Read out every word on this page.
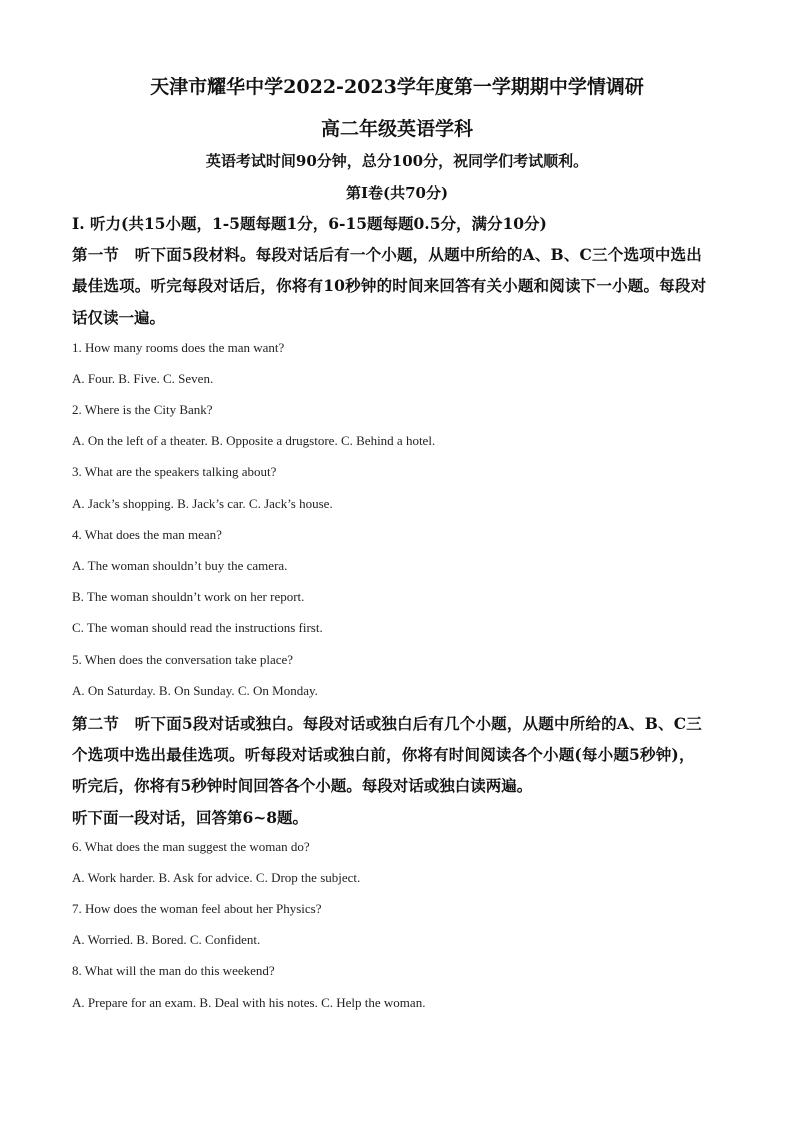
天津市耀华中学2022-2023学年度第一学期期中学情调研
高二年级英语学科
英语考试时间90分钟，总分100分，祝同学们考试顺利。
第Ⅰ卷(共70分)
Ⅰ. 听力(共15小题，1-5题每题1分，6-15题每题0.5分，满分10分)
第一节　听下面5段材料。每段对话后有一个小题，从题中所给的A、B、C三个选项中选出
最佳选项。听完每段对话后，你将有10秒钟的时间来回答有关小题和阅读下一小题。每段对
话仅读一遍。
1. How many rooms does the man want?
A. Four. B. Five. C. Seven.
2. Where is the City Bank?
A. On the left of a theater. B. Opposite a drugstore. C. Behind a hotel.
3. What are the speakers talking about?
A. Jack’s shopping. B. Jack’s car. C. Jack’s house.
4. What does the man mean?
A. The woman shouldn’t buy the camera.
B. The woman shouldn’t work on her report.
C. The woman should read the instructions first.
5. When does the conversation take place?
A. On Saturday. B. On Sunday. C. On Monday.
第二节　听下面5段对话或独白。每段对话或独白后有几个小题，从题中所给的A、B、C三
个选项中选出最佳选项。听每段对话或独白前，你将有时间阅读各个小题(每小题5秒钟)，
听完后，你将有5秒钟时间回答各个小题。每段对话或独白读两遍。
听下面一段对话，回答第6~8题。
6. What does the man suggest the woman do?
A. Work harder. B. Ask for advice. C. Drop the subject.
7. How does the woman feel about her Physics?
A. Worried. B. Bored. C. Confident.
8. What will the man do this weekend?
A. Prepare for an exam. B. Deal with his notes. C. Help the woman.
